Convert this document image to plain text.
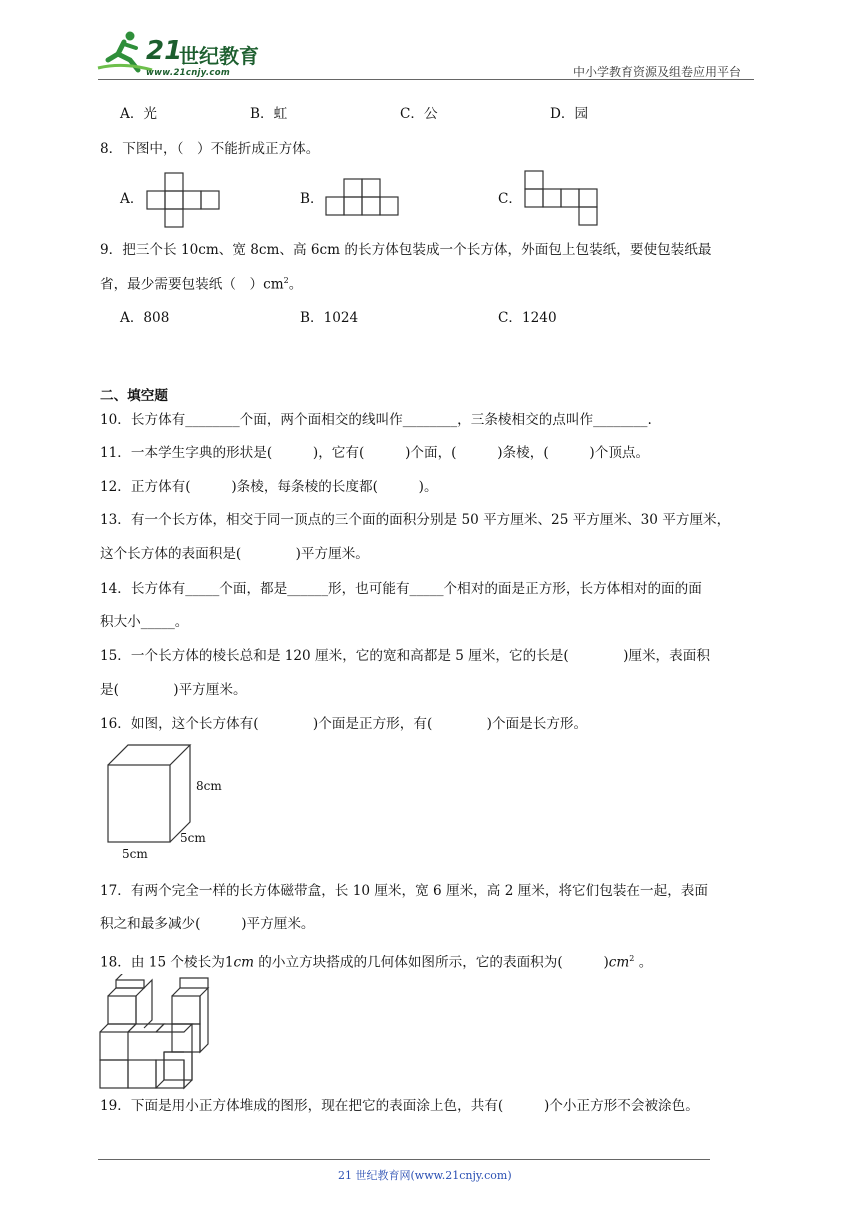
21
世纪教育
www.21cnjy.com	中小学教育资源及组卷应用平台
A．光	B．虹	C．公	D．园
8．下图中，（　）不能折成正方体。
A．	B．	C．
9．把三个长 10cm、宽 8cm、高 6cm 的长方体包装成一个长方体，外面包上包装纸，要使包装纸最
省，最少需要包装纸（　）$cm^2$。
A．808	B．1024	C．1240
二、填空题
10．长方体有________个面，两个面相交的线叫作________，三条棱相交的点叫作________.
11．一本学生字典的形状是(　　　)，它有(　　　)个面，(　　　)条棱，(　　　)个顶点。
12．正方体有(　　　)条棱，每条棱的长度都(　　　)。
13．有一个长方体，相交于同一顶点的三个面的面积分别是 50 平方厘米、25 平方厘米、30 平方厘米，
这个长方体的表面积是(　　　　)平方厘米。
14．长方体有_____个面，都是______形，也可能有_____个相对的面是正方形，长方体相对的面的面
积大小_____。
15．一个长方体的棱长总和是 120 厘米，它的宽和高都是 5 厘米，它的长是(　　　　)厘米，表面积
是(　　　　)平方厘米。
16．如图，这个长方体有(　　　　)个面是正方形，有(　　　　)个面是长方形。
8cm
5cm
5cm
17．有两个完全一样的长方体磁带盒，长 10 厘米，宽 6 厘米，高 2 厘米，将它们包装在一起，表面
积之和最多减少(　　　)平方厘米。
18．由 15 个棱长为1cm 的小立方块搭成的几何体如图所示，它的表面积为(　　　)$cm^2$ 。
19．下面是用小正方体堆成的图形，现在把它的表面涂上色，共有(　　　)个小正方形不会被涂色。
21 世纪教育网(www.21cnjy.com)
